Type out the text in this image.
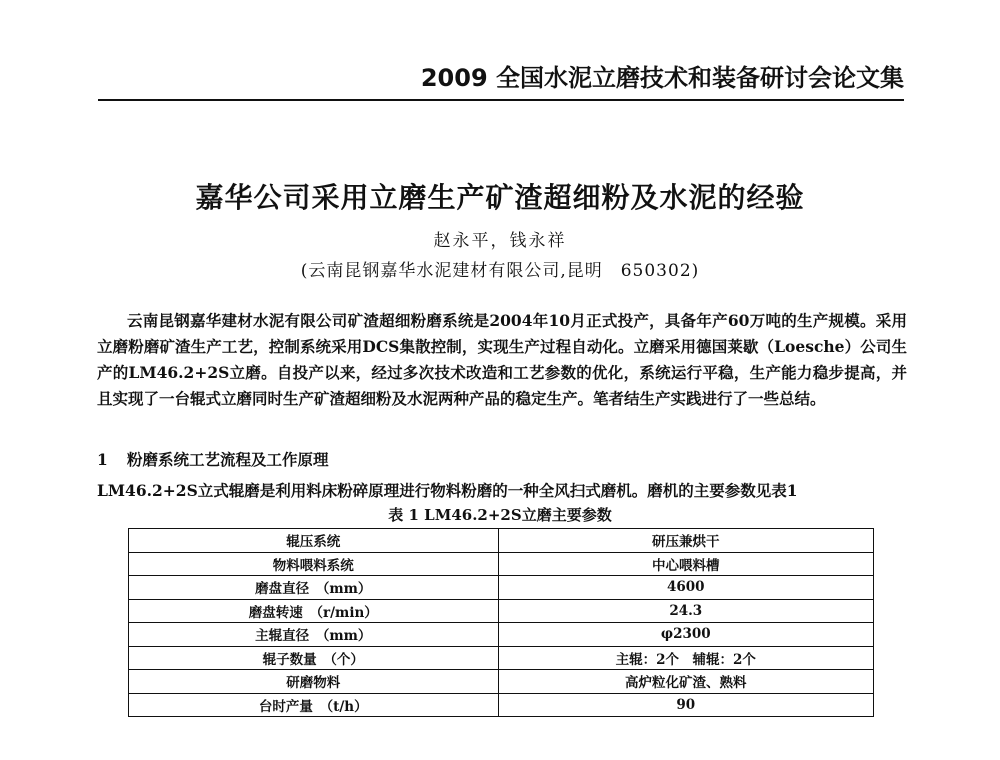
2009 全国水泥立磨技术和装备研讨会论文集
嘉华公司采用立磨生产矿渣超细粉及水泥的经验
赵永平，钱永祥
(云南昆钢嘉华水泥建材有限公司,昆明　650302)
云南昆钢嘉华建材水泥有限公司矿渣超细粉磨系统是2004年10月正式投产，具备年产60万吨的生产规模。采用立磨粉磨矿渣生产工艺，控制系统采用DCS集散控制，实现生产过程自动化。立磨采用德国莱歇（Loesche）公司生产的LM46.2+2S立磨。自投产以来，经过多次技术改造和工艺参数的优化，系统运行平稳，生产能力稳步提高，并且实现了一台辊式立磨同时生产矿渣超细粉及水泥两种产品的稳定生产。笔者结生产实践进行了一些总结。
1 粉磨系统工艺流程及工作原理
LM46.2+2S立式辊磨是利用料床粉碎原理进行物料粉磨的一种全风扫式磨机。磨机的主要参数见表1
表 1 LM46.2+2S立磨主要参数
辊压系统	研压兼烘干
物料喂料系统	中心喂料槽
磨盘直径　（mm）	4600
磨盘转速　（r/min）	24.3
主辊直径　（mm）	φ2300
辊子数量　（个）	主辊：2个　辅辊：2个
研磨物料	高炉粒化矿渣、熟料
台时产量　（t/h）	90
